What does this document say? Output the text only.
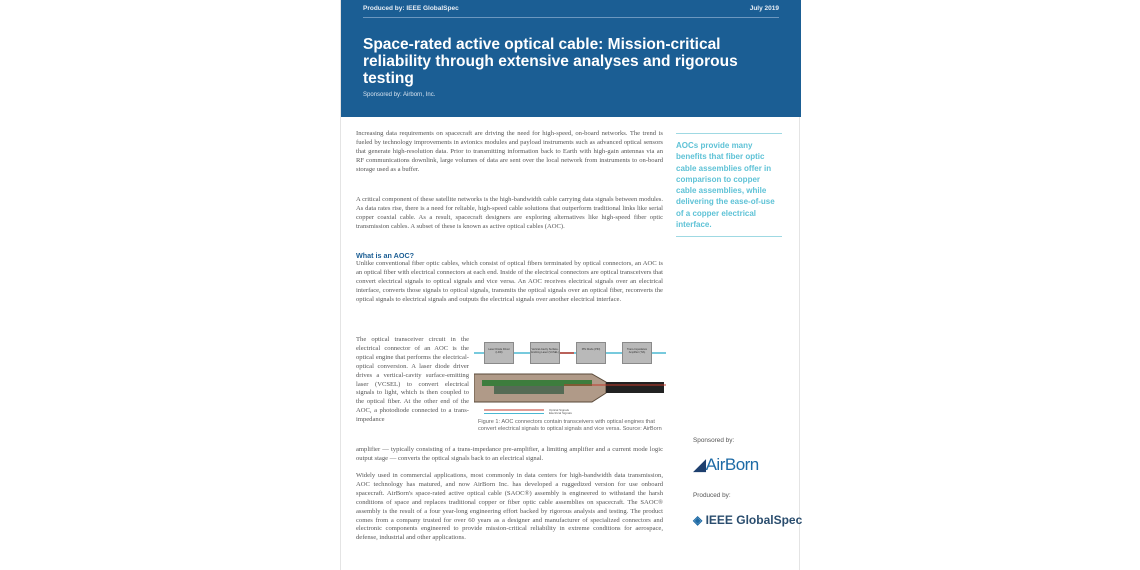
Produced by: IEEE GlobalSpec	July 2019
Space-rated active optical cable: Mission-critical reliability through extensive analyses and rigorous testing
Sponsored by: Airborn, Inc.
Increasing data requirements on spacecraft are driving the need for high-speed, on-board networks. The trend is fueled by technology improvements in avionics modules and payload instruments such as advanced optical sensors that generate high-resolution data. Prior to transmitting information back to Earth with high-gain antennas via an RF communications downlink, large volumes of data are sent over the local network from instruments to on-board storage used as a buffer.
A critical component of these satellite networks is the high-bandwidth cable carrying data signals between modules. As data rates rise, there is a need for reliable, high-speed cable solutions that outperform traditional links like serial copper coaxial cable. As a result, spacecraft designers are exploring alternatives like high-speed fiber optic transmission cables. A subset of these is known as active optical cables (AOC).
What is an AOC?
Unlike conventional fiber optic cables, which consist of optical fibers terminated by optical connectors, an AOC is an optical fiber with electrical connectors at each end. Inside of the electrical connectors are optical transceivers that convert electrical signals to optical signals and vice versa. An AOC receives electrical signals over an electrical interface, converts those signals to optical signals, transmits the optical signals over an optical fiber, reconverts the optical signals to electrical signals and outputs the electrical signals over another electrical interface.
The optical transceiver circuit in the electrical connector of an AOC is the optical engine that performs the electrical-optical conversion. A laser diode driver drives a vertical-cavity surface-emitting laser (VCSEL) to convert electrical signals to light, which is then coupled to the optical fiber. At the other end of the AOC, a photodiode connected to a trans-impedance
amplifier — typically consisting of a trans-impedance pre-amplifier, a limiting amplifier and a current mode logic output stage — converts the optical signals back to an electrical signal.
Widely used in commercial applications, most commonly in data centers for high-bandwidth data transmission, AOC technology has matured, and now AirBorn Inc. has developed a ruggedized version for use onboard spacecraft. AirBorn's space-rated active optical cable (SAOC®) assembly is engineered to withstand the harsh conditions of space and replaces traditional copper or fiber optic cable assemblies on spacecraft. The SAOC® assembly is the result of a four year-long engineering effort backed by rigorous analysis and testing. The product comes from a company trusted for over 60 years as a designer and manufacturer of specialized connectors and electronic components engineered to provide mission-critical reliability in extreme conditions for aerospace, defense, industrial and other applications.
Laser Diode Driver (LDD)
Vertical-Cavity Surface-Emitting Laser (VCSEL)
PIN Diode (PIN)	Trans-Impedance Amplifier (TIA)
Optical Signals
Electrical Signals
Figure 1: AOC connectors contain transceivers with optical engines that convert electrical signals to optical signals and vice versa. Source: AirBorn
AOCs provide many benefits that fiber optic cable assemblies offer in comparison to copper cable assemblies, while delivering the ease-of-use of a copper electrical interface.
Sponsored by:
◢AirBorn
Produced by:
◈ IEEE GlobalSpec
